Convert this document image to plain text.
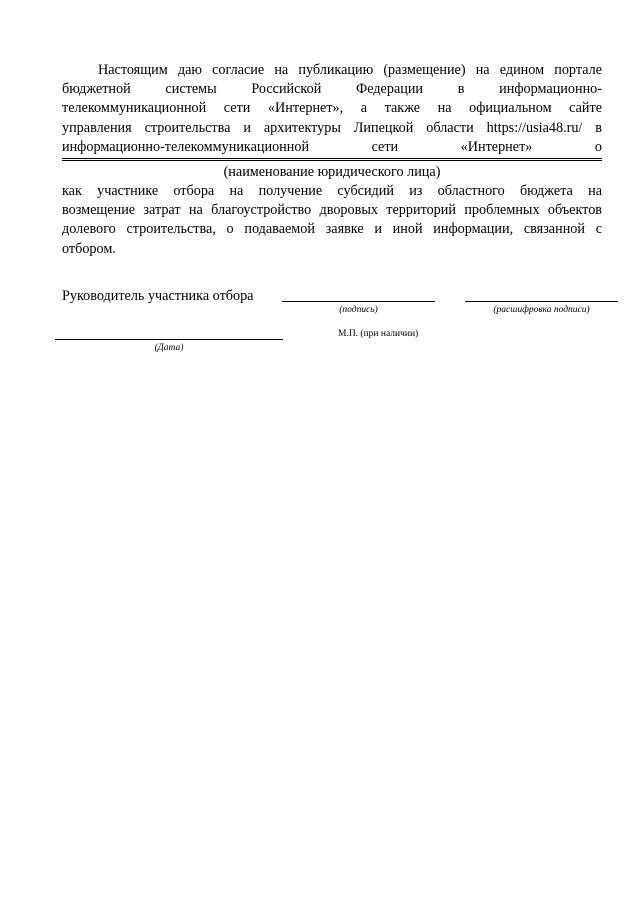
Настоящим даю согласие на публикацию (размещение) на едином портале
бюджетной системы Российской Федерации в информационно-
телекоммуникационной сети «Интернет», а также на официальном сайте
управления строительства и архитектуры Липецкой области https://usia48.ru/ в
информационно-телекоммуникационной сети «Интернет» о
(наименование юридического лица)
как участнике отбора на получение субсидий из областного бюджета на
возмещение затрат на благоустройство дворовых территорий проблемных объектов
долевого строительства, о подаваемой заявке и иной информации, связанной с
отбором.
Руководитель участника отбора
(подпись)	(расшифровка подписи)
(Дата)
М.П. (при наличии)
